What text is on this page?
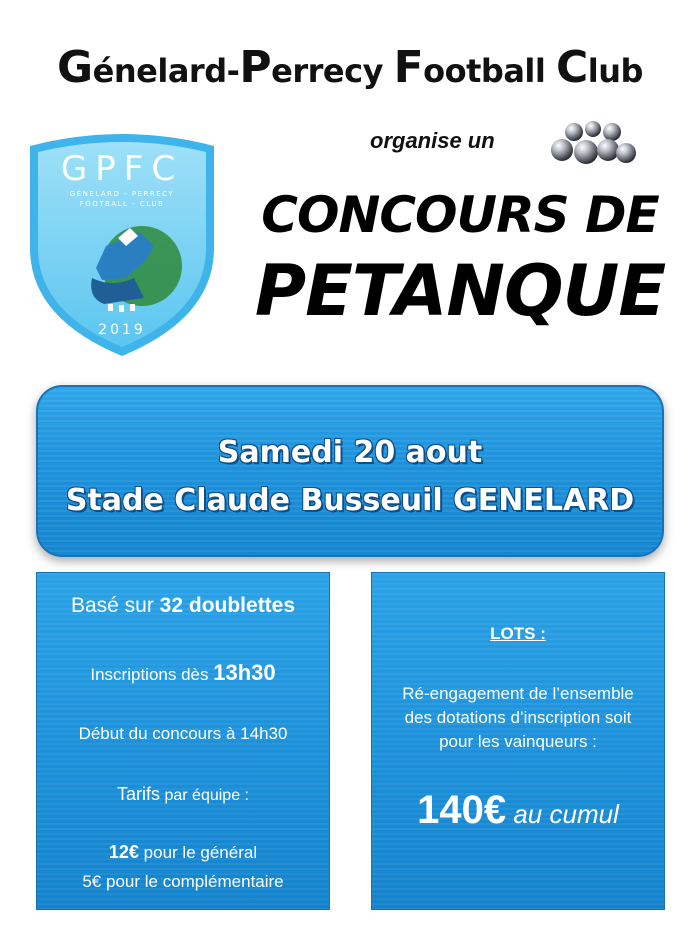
Génelard-Perrecy Football Club
GPFC
GÉNELARD - PERRECY
FOOTBALL - CLUB
2019
organise un
CONCOURS DE
PETANQUE
Samedi 20 aout
Stade Claude Busseuil GENELARD
Basé sur 32 doublettes
Inscriptions dès 13h30
Début du concours à 14h30
Tarifs par équipe :
12€ pour le général
5€ pour le complémentaire
LOTS :
Ré-engagement de l’ensemble
des dotations d’inscription soit
pour les vainqueurs :
140€ au cumul
